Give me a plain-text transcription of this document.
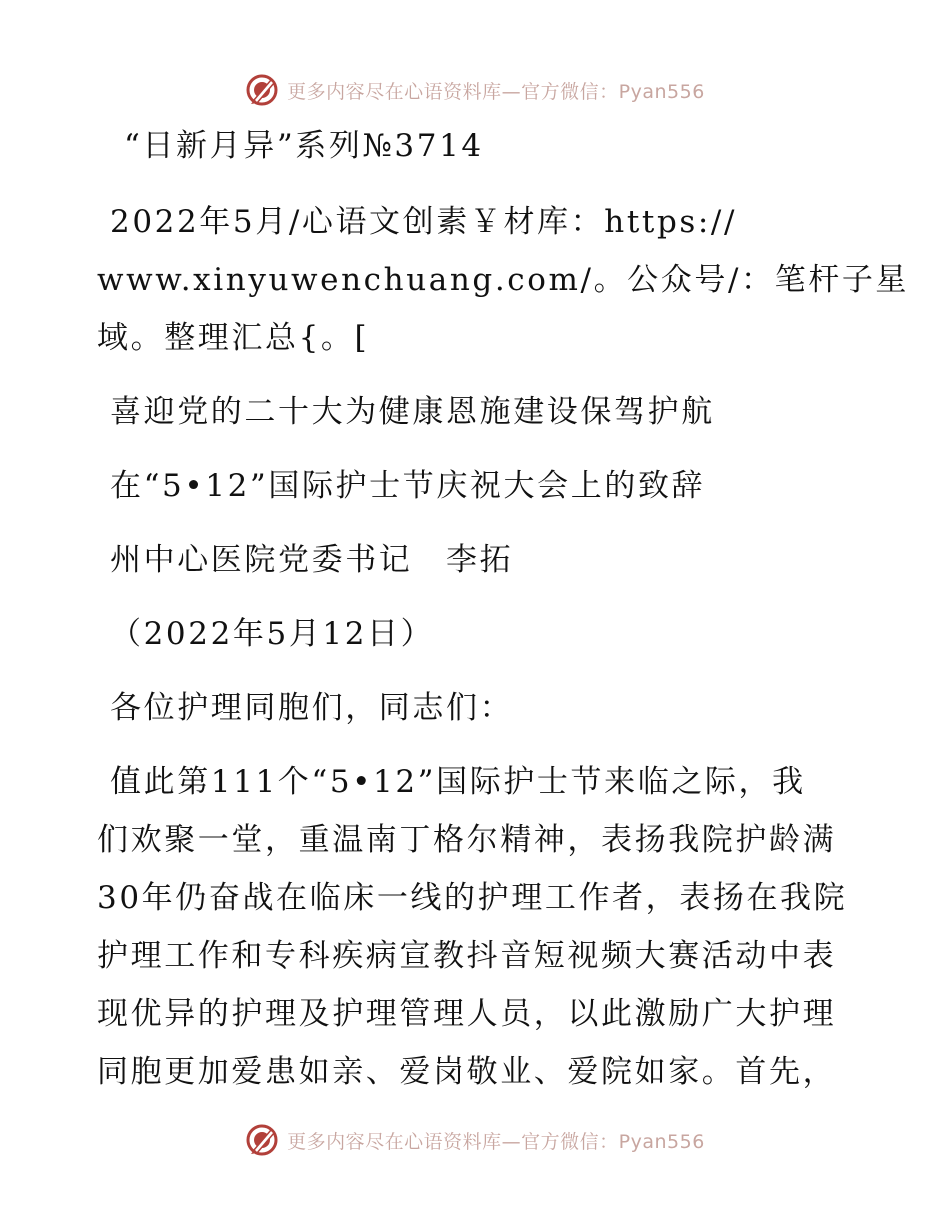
更多内容尽在心语资料库—官方微信：Pyan556
“日新月异”系列№3714
2022年5月/心语文创素￥材库：https://
www.xinyuwenchuang.com/。公众号/：笔杆子星
域。整理汇总{。[
喜迎党的二十大为健康恩施建设保驾护航
在“5•12”国际护士节庆祝大会上的致辞
州中心医院党委书记　李拓
（2022年5月12日）
各位护理同胞们，同志们：
值此第111个“5•12”国际护士节来临之际，我
们欢聚一堂，重温南丁格尔精神，表扬我院护龄满
30年仍奋战在临床一线的护理工作者，表扬在我院
护理工作和专科疾病宣教抖音短视频大赛活动中表
现优异的护理及护理管理人员，以此激励广大护理
同胞更加爱患如亲、爱岗敬业、爱院如家。首先，
更多内容尽在心语资料库—官方微信：Pyan556
